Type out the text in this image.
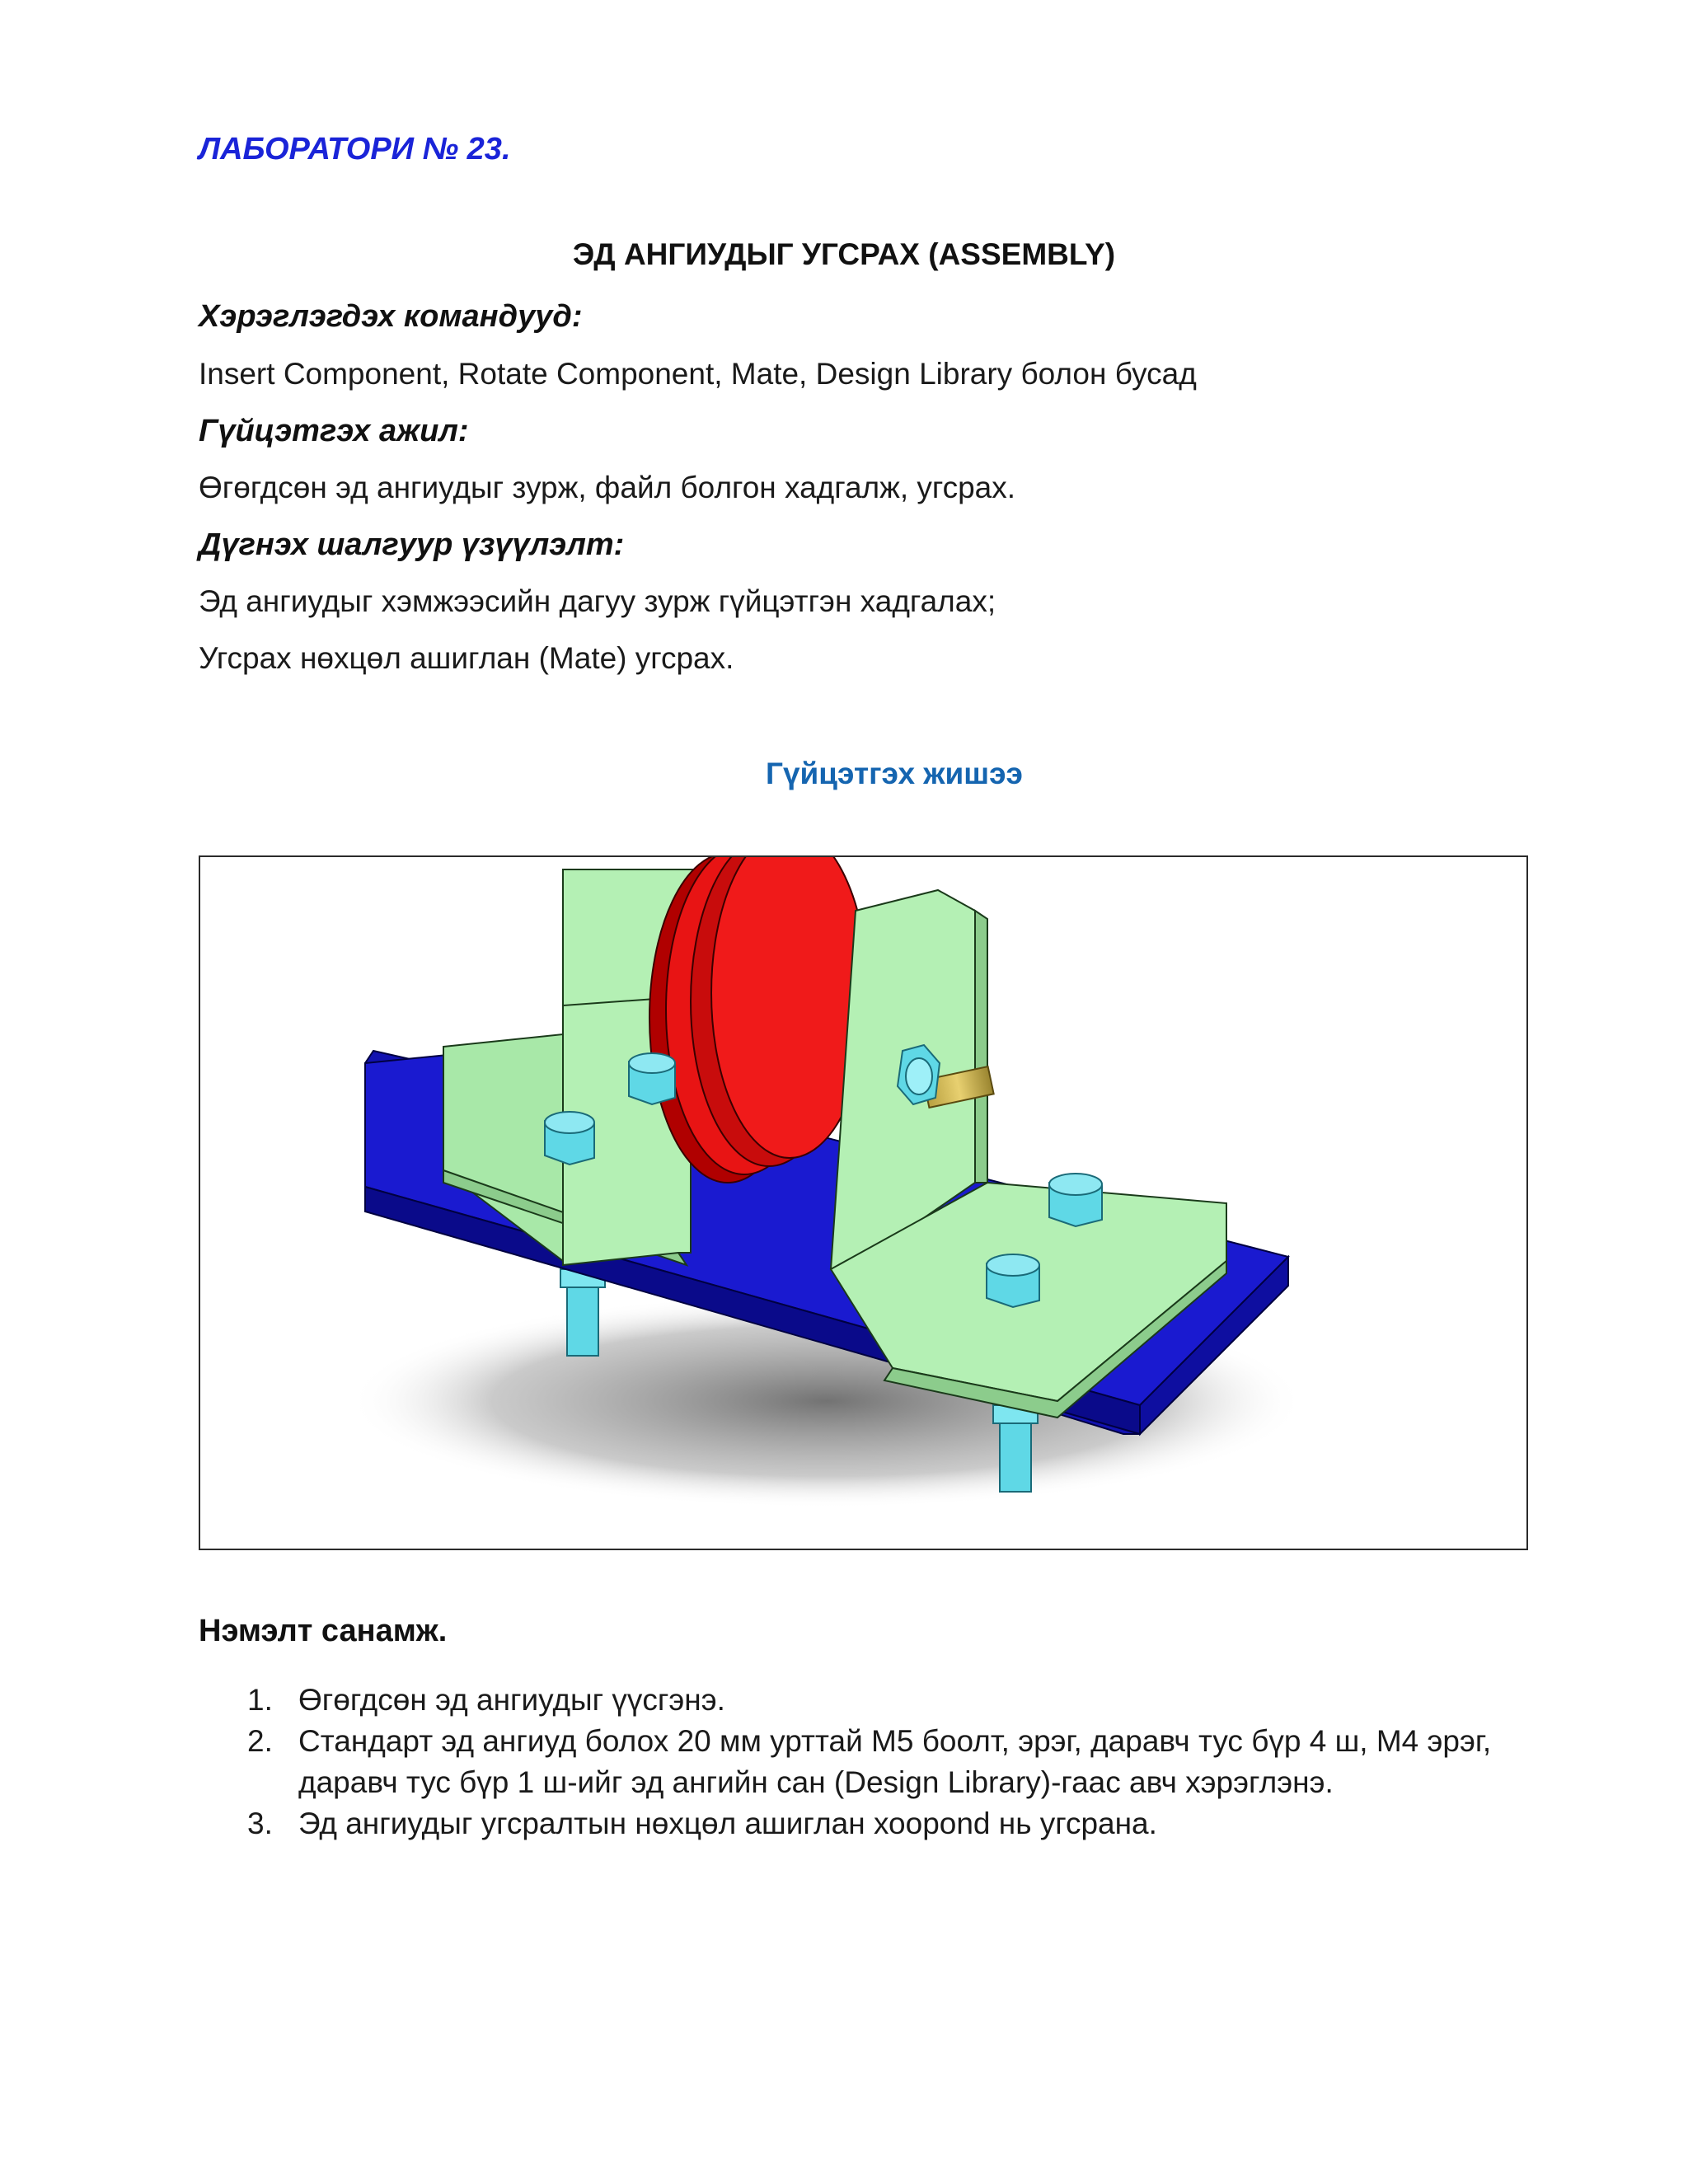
ЛАБОРАТОРИ № 23.
ЭД АНГИУДЫГ УГСРАХ (ASSEMBLY)
Хэрэглэгдэх командууд:
Insert Component, Rotate Component, Mate, Design Library болон бусад
Гүйцэтгэх ажил:
Өгөгдсөн эд ангиудыг зурж, файл болгон хадгалж, угсрах.
Дүгнэх шалгуур үзүүлэлт:
Эд ангиудыг хэмжээсийн дагуу зурж гүйцэтгэн хадгалах;
Угсрах нөхцөл ашиглан (Mate) угсрах.
Гүйцэтгэх жишээ
Нэмэлт санамж.
1. Өгөгдсөн эд ангиудыг үүсгэнэ.
2. Стандарт эд ангиуд болох 20 мм урттай M5 боолт, эрэг, даравч тус бүр 4 ш, M4 эрэг, даравч тус бүр 1 ш-ийг эд ангийн сан (Design Library)-гаас авч хэрэглэнэ.
3. Эд ангиудыг угсралтын нөхцөл ашиглан хоорond нь угсрана.
